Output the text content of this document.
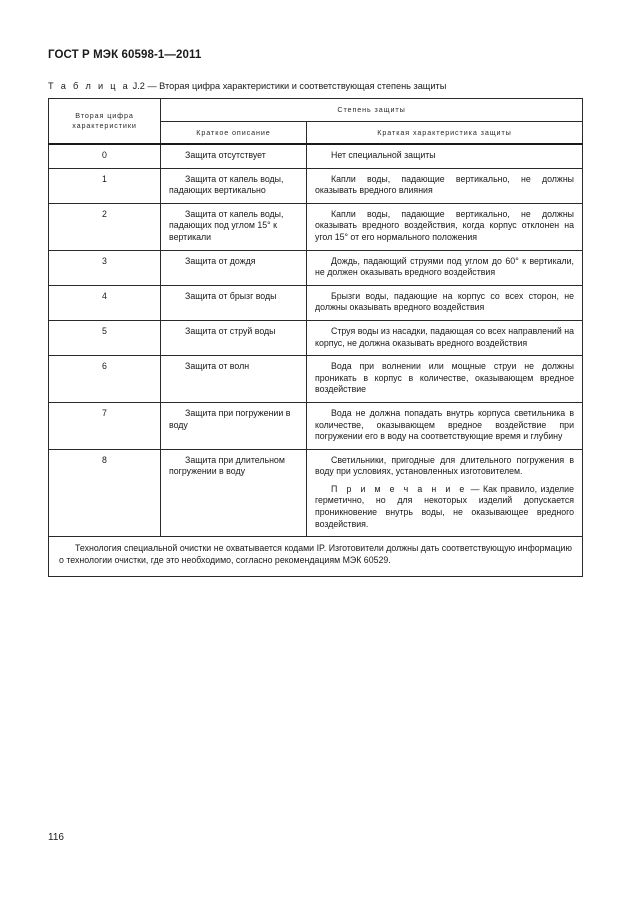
ГОСТ Р МЭК 60598-1—2011
Т а б л и ц а J.2 — Вторая цифра характеристики и соответствующая степень защиты
Вторая цифра характеристики	Степень защиты	
	Краткое описание	Краткая характеристика защиты
0	Защита отсутствует	Нет специальной защиты

1	Защита от капель воды, падающих вертикально	Капли воды, падающие вертикально, не должны оказывать вредного влияния

2	Защита от капель воды, падающих под углом 15° к вертикали	Капли воды, падающие вертикально, не должны оказывать вредного воздействия, когда корпус отклонен на угол 15° от его нормального положения

3	Защита от дождя	Дождь, падающий струями под углом до 60° к вертикали, не должен оказывать вредного воздействия

4	Защита от брызг воды	Брызги воды, падающие на корпус со всех сторон, не должны оказывать вредного воздействия

5	Защита от струй воды	Струя воды из насадки, падающая со всех направлений на корпус, не должна оказывать вредного воздействия

6	Защита от волн	Вода при волнении или мощные струи не должны проникать в корпус в количестве, оказывающем вредное воздействие

7	Защита при погружении в воду	Вода не должна попадать внутрь корпуса светильника в количестве, оказывающем вредное воздействие при погружении его в воду на соответствующие время и глубину

8	Защита при длительном погружении в воду	Светильники, пригодные для длительного погружения в воду при условиях, установленных изготовителем.

П р и м е ч а н и е — Как правило, изделие герметично, но для некоторых изделий допускается проникновение внутрь воды, не оказывающее вредного воздействия.

Технология специальной очистки не охватывается кодами IP. Изготовители должны дать соответствующую информацию о технологии очистки, где это необходимо, согласно рекомендациям МЭК 60529.		

116
